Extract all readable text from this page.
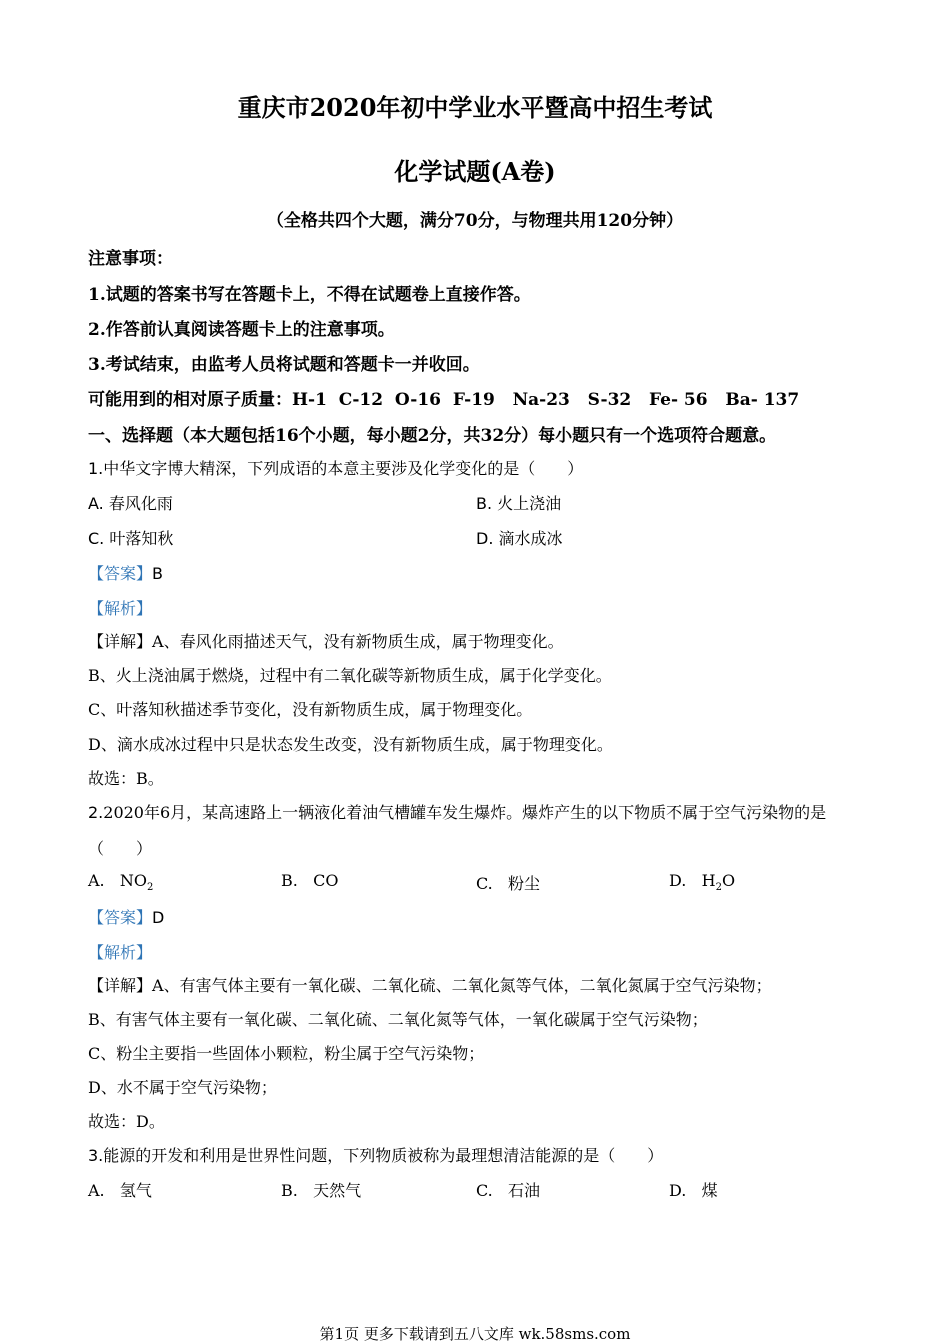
重庆市2020年初中学业水平暨高中招生考试
化学试题(A卷)
（全格共四个大题，满分70分，与物理共用120分钟）
注意事项：
1.试题的答案书写在答题卡上，不得在试题卷上直接作答。
2.作答前认真阅读答题卡上的注意事项。
3.考试结束，由监考人员将试题和答题卡一并收回。
可能用到的相对原子质量：H-1  C-12  O-16  F-19   Na-23   S-32   Fe- 56   Ba- 137
一、选择题（本大题包括16个小题，每小题2分，共32分）每小题只有一个选项符合题意。
1.中华文字博大精深，下列成语的本意主要涉及化学变化的是（　　）
A. 春风化雨	B. 火上浇油
C. 叶落知秋	D. 滴水成冰
【答案】B
【解析】
【详解】A、春风化雨描述天气，没有新物质生成，属于物理变化。
B、火上浇油属于燃烧，过程中有二氧化碳等新物质生成，属于化学变化。
C、叶落知秋描述季节变化，没有新物质生成，属于物理变化。
D、滴水成冰过程中只是状态发生改变，没有新物质生成，属于物理变化。
故选：B。
2.2020年6月，某高速路上一辆液化着油气槽罐车发生爆炸。爆炸产生的以下物质不属于空气污染物的是
（　　）
A. $NO_2$	B. CO	C. 粉尘	D. $H_2O$
【答案】D
【解析】
【详解】A、有害气体主要有一氧化碳、二氧化硫、二氧化氮等气体，二氧化氮属于空气污染物；
B、有害气体主要有一氧化碳、二氧化硫、二氧化氮等气体，一氧化碳属于空气污染物；
C、粉尘主要指一些固体小颗粒，粉尘属于空气污染物；
D、水不属于空气污染物；
故选：D。
3.能源的开发和利用是世界性问题，下列物质被称为最理想清洁能源的是（　　）
A. 氢气	B. 天然气	C. 石油	D. 煤
第1页 更多下载请到五八文库 wk.58sms.com
